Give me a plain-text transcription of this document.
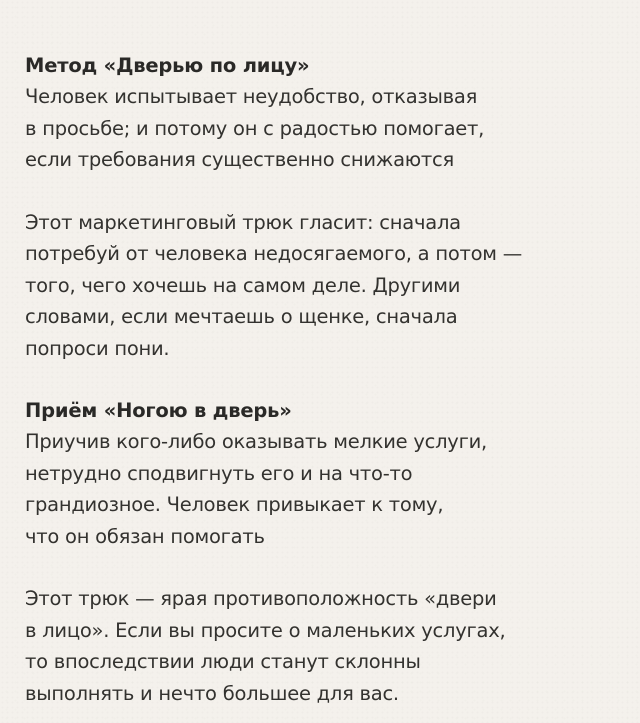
Метод «Дверью по лицу»
Человек испытывает неудобство, отказывая
в просьбе; и потому он с радостью помогает,
если требования существенно снижаются
Этот маркетинговый трюк гласит: сначала
потребуй от человека недосягаемого, а потом —
того, чего хочешь на самом деле. Другими
словами, если мечтаешь о щенке, сначала
попроси пони.
Приём «Ногою в дверь»
Приучив кого-либо оказывать мелкие услуги,
нетрудно сподвигнуть его и на что-то
грандиозное. Человек привыкает к тому,
что он обязан помогать
Этот трюк — ярая противоположность «двери
в лицо». Если вы просите о маленьких услугах,
то впоследствии люди станут склонны
выполнять и нечто большее для вас.
